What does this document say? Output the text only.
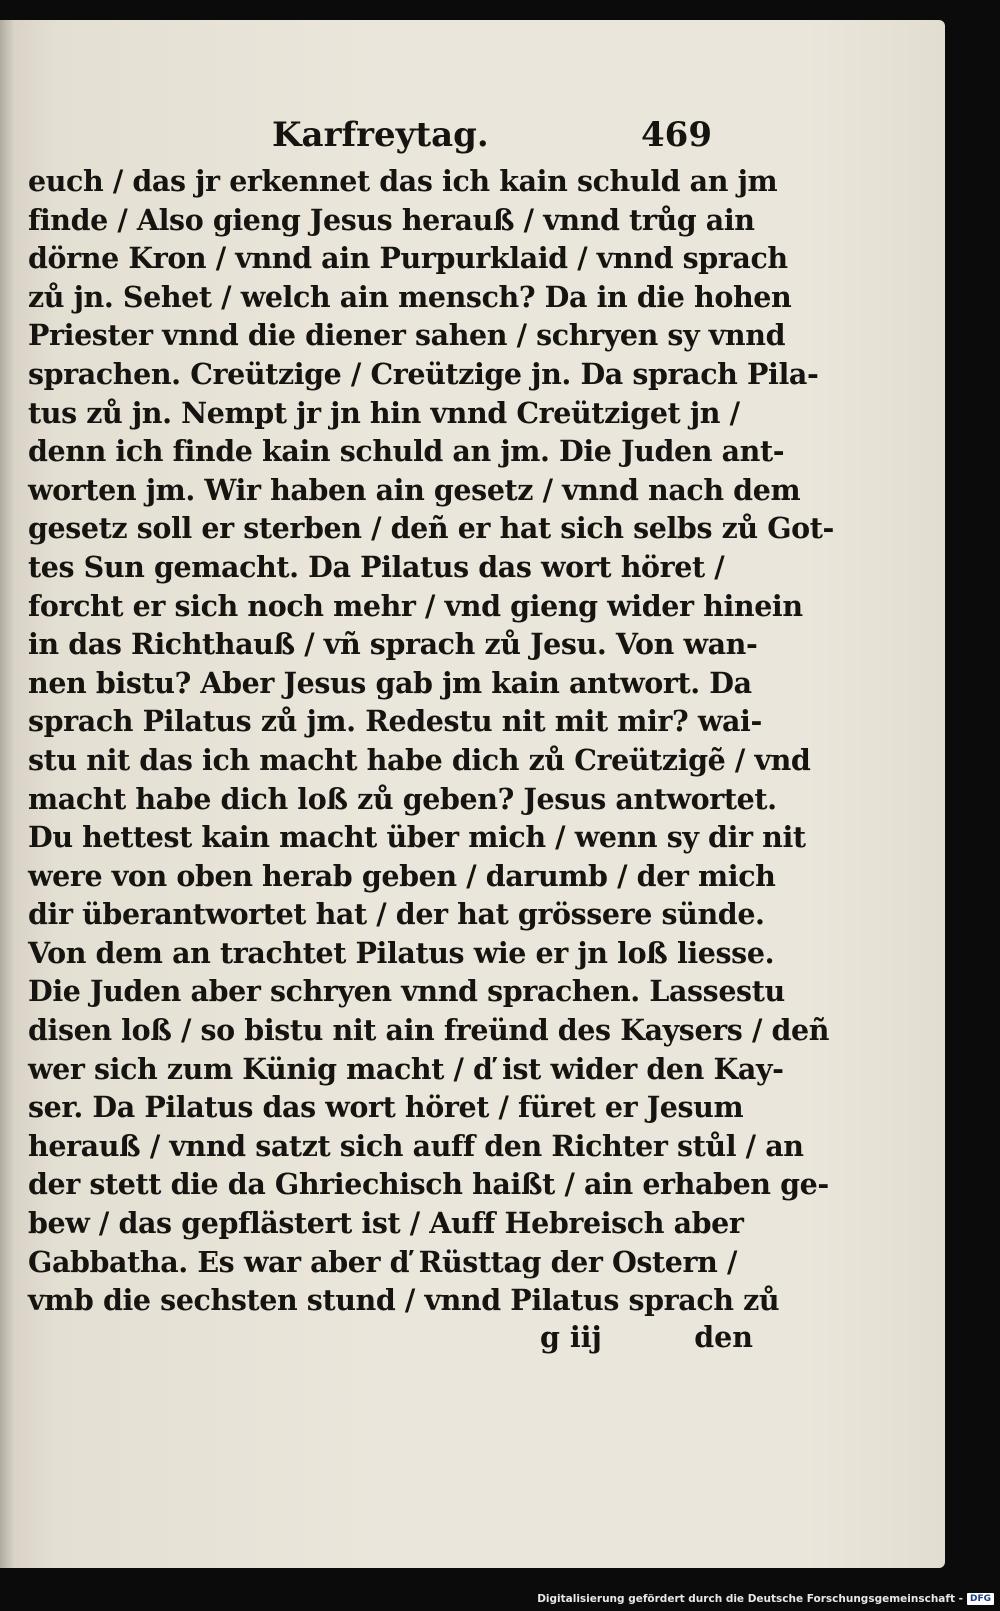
Karfreytag.	469
euch / das jr erkennet das ich kain schuld an jm
finde / Also gieng Jesus herauß / vnnd trůg ain
dörne Kron / vnnd ain Purpurklaid / vnnd sprach
zů jn. Sehet / welch ain mensch? Da in die hohen
Priester vnnd die diener sahen / schryen sy vnnd
sprachen. Creützige / Creützige jn. Da sprach Pila-
tus zů jn. Nempt jr jn hin vnnd Creütziget jn /
denn ich finde kain schuld an jm. Die Juden ant-
worten jm. Wir haben ain gesetz / vnnd nach dem
gesetz soll er sterben / deñ er hat sich selbs zů Got-
tes Sun gemacht. Da Pilatus das wort höret /
forcht er sich noch mehr / vnd gieng wider hinein
in das Richthauß / vñ sprach zů Jesu. Von wan-
nen bistu? Aber Jesus gab jm kain antwort. Da
sprach Pilatus zů jm. Redestu nit mit mir? wai-
stu nit das ich macht habe dich zů Creützigẽ / vnd
macht habe dich loß zů geben? Jesus antwortet.
Du hettest kain macht über mich / wenn sy dir nit
were von oben herab geben / darumb / der mich
dir überantwortet hat / der hat grössere sünde.
Von dem an trachtet Pilatus wie er jn loß liesse.
Die Juden aber schryen vnnd sprachen. Lassestu
disen loß / so bistu nit ain freünd des Kaysers / deñ
wer sich zum Künig macht / ď ist wider den Kay-
ser. Da Pilatus das wort höret / füret er Jesum
herauß / vnnd satzt sich auff den Richter stůl / an
der stett die da Ghriechisch haißt / ain erhaben ge-
bew / das gepflästert ist / Auff Hebreisch aber
Gabbatha. Es war aber ď Rüsttag der Ostern /
vmb die sechsten stund / vnnd Pilatus sprach zů
g iij	den
Digitalisierung gefördert durch die Deutsche Forschungsgemeinschaft - DFG
